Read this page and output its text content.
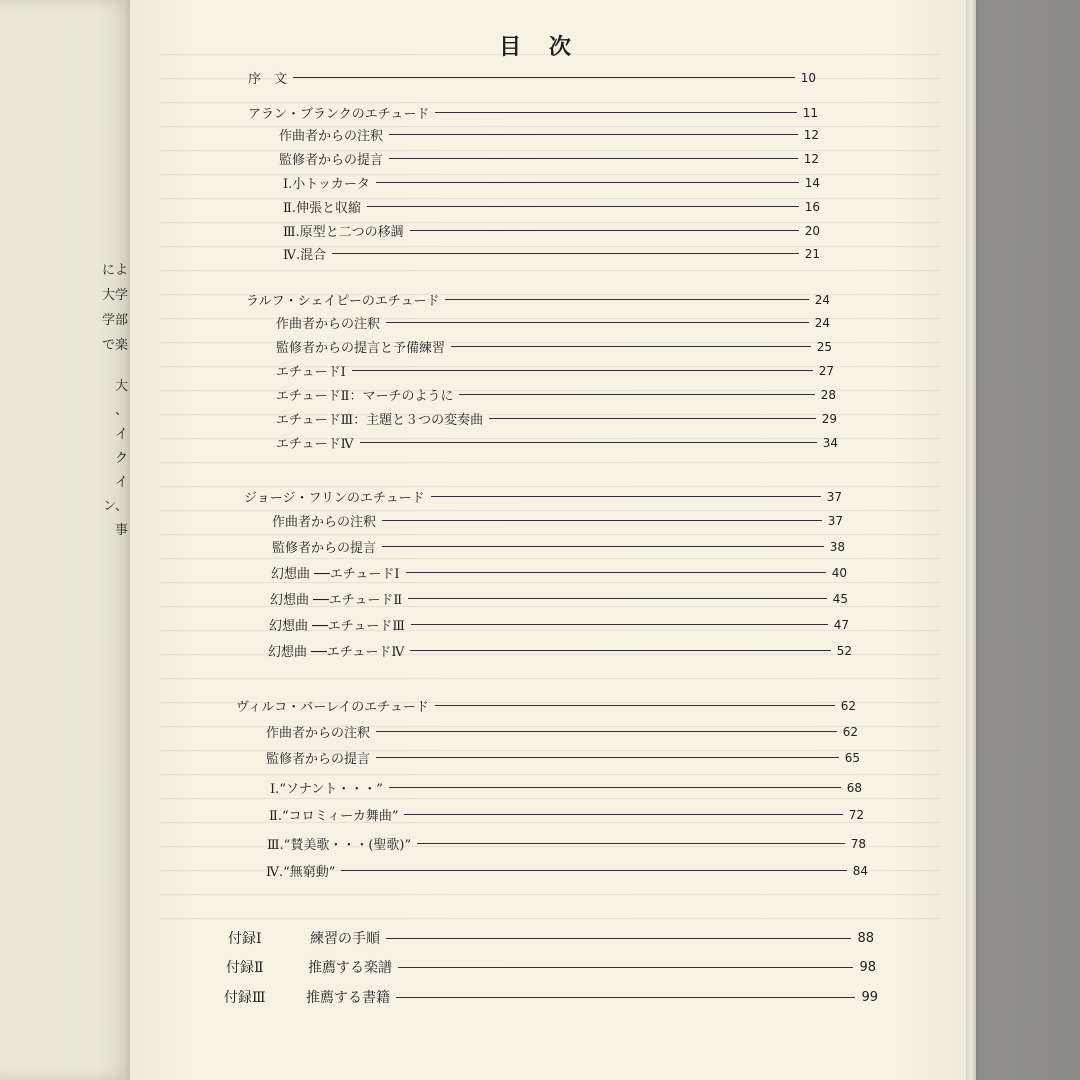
によ
大学
学部
で楽
大
、
イ
ク
イ
ン、
事
目 次
序　文	10
アラン・ブランクのエチュード	11
作曲者からの注釈	12
監修者からの提言	12
Ⅰ.小トッカータ	14
Ⅱ.伸張と収縮	16
Ⅲ.原型と二つの移調	20
Ⅳ.混合	21
ラルフ・シェイピーのエチュード	24
作曲者からの注釈	24
監修者からの提言と予備練習	25
エチュードⅠ	27
エチュードⅡ：マーチのように	28
エチュードⅢ：主題と３つの変奏曲	29
エチュードⅣ	34
ジョージ・フリンのエチュード	37
作曲者からの注釈	37
監修者からの提言	38
幻想曲 ──エチュードⅠ	40
幻想曲 ──エチュードⅡ	45
幻想曲 ──エチュードⅢ	47
幻想曲 ──エチュードⅣ	52
ヴィルコ・バーレイのエチュード	62
作曲者からの注釈	62
監修者からの提言	65
Ⅰ.“ソナント・・・”	68
Ⅱ.“コロミィーカ舞曲”	72
Ⅲ.“賛美歌・・・(聖歌)”	78
Ⅳ.“無窮動”	84
付録Ⅰ	練習の手順	88
付録Ⅱ	推薦する楽譜	98
付録Ⅲ	推薦する書籍	99
